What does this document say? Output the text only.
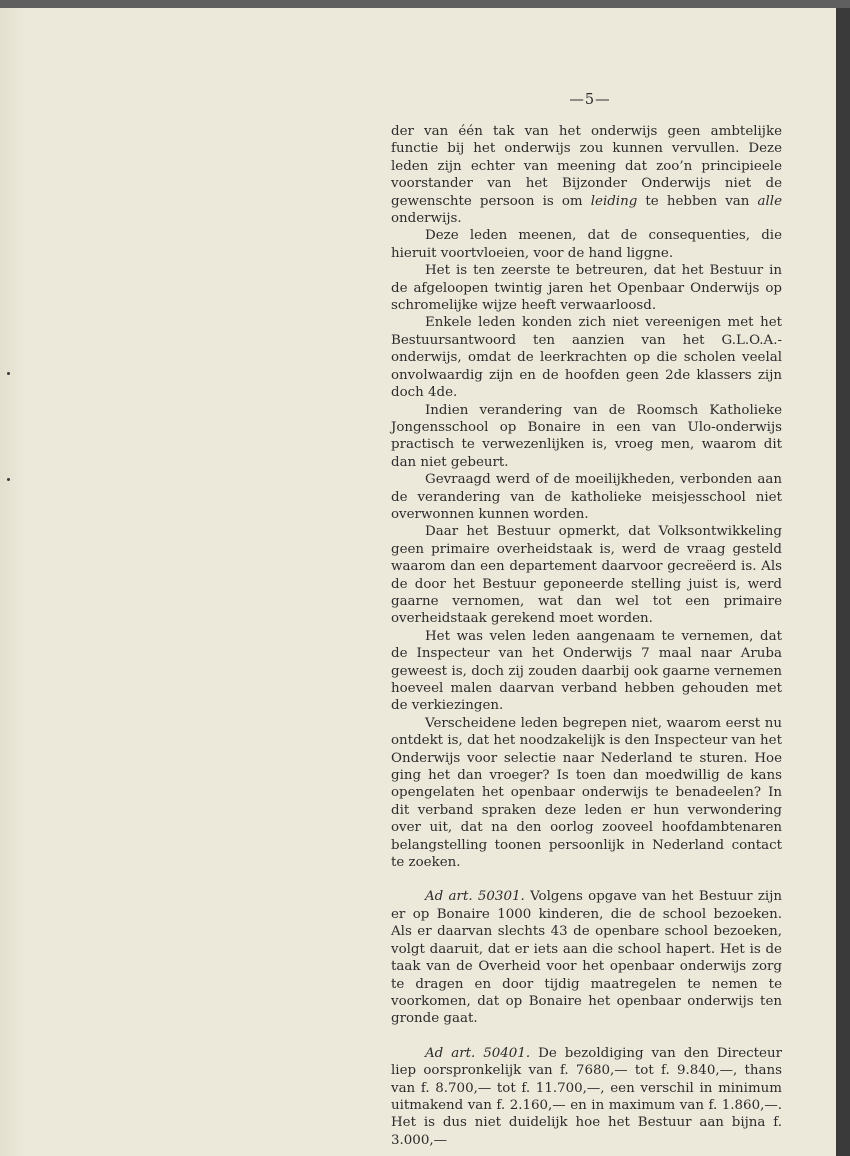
—5—

der van één tak van het onderwijs geen ambtelijke functie bij het onderwijs zou kunnen vervullen. Deze leden zijn echter van meening dat zoo’n principieele voorstander van het Bijzonder Onderwijs niet de gewenschte persoon is om leiding te hebben van alle onderwijs.

Deze leden meenen, dat de consequenties, die hieruit voortvloeien, voor de hand liggne.

Het is ten zeerste te betreuren, dat het Bestuur in de afgeloopen twintig jaren het Openbaar Onderwijs op schromelijke wijze heeft verwaarloosd.

Enkele leden konden zich niet vereenigen met het Bestuursantwoord ten aanzien van het G.L.O.A.-onderwijs, omdat de leerkrachten op die scholen veelal onvolwaardig zijn en de hoofden geen 2de klassers zijn doch 4de.

Indien verandering van de Roomsch Katholieke Jongensschool op Bonaire in een van Ulo-onderwijs practisch te verwezenlijken is, vroeg men, waarom dit dan niet gebeurt.

Gevraagd werd of de moeilijkheden, verbonden aan de verandering van de katholieke meisjesschool niet overwonnen kunnen worden.

Daar het Bestuur opmerkt, dat Volksontwikkeling geen primaire overheidstaak is, werd de vraag gesteld waarom dan een departement daarvoor gecreëerd is. Als de door het Bestuur geponeerde stelling juist is, werd gaarne vernomen, wat dan wel tot een primaire overheidstaak gerekend moet worden.

Het was velen leden aangenaam te vernemen, dat de Inspecteur van het Onderwijs 7 maal naar Aruba geweest is, doch zij zouden daarbij ook gaarne vernemen hoeveel malen daarvan verband hebben gehouden met de verkiezingen.

Verscheidene leden begrepen niet, waarom eerst nu ontdekt is, dat het noodzakelijk is den Inspecteur van het Onderwijs voor selectie naar Nederland te sturen. Hoe ging het dan vroeger? Is toen dan moedwillig de kans opengelaten het openbaar onderwijs te benadeelen? In dit verband spraken deze leden er hun verwondering over uit, dat na den oorlog zooveel hoofdambtenaren belangstelling toonen persoonlijk in Nederland contact te zoeken.

Ad art. 50301. Volgens opgave van het Bestuur zijn er op Bonaire 1000 kinderen, die de school bezoeken. Als er daarvan slechts 43 de openbare school bezoeken, volgt daaruit, dat er iets aan die school hapert. Het is de taak van de Overheid voor het openbaar onderwijs zorg te dragen en door tijdig maatregelen te nemen te voorkomen, dat op Bonaire het openbaar onderwijs ten gronde gaat.

Ad art. 50401. De bezoldiging van den Directeur liep oorspronkelijk van f. 7680,— tot f. 9.840,—, thans van f. 8.700,— tot f. 11.700,—, een verschil in minimum uitmakend van f. 2.160,— en in maximum van f. 1.860,—. Het is dus niet duidelijk hoe het Bestuur aan bijna f. 3.000,—
